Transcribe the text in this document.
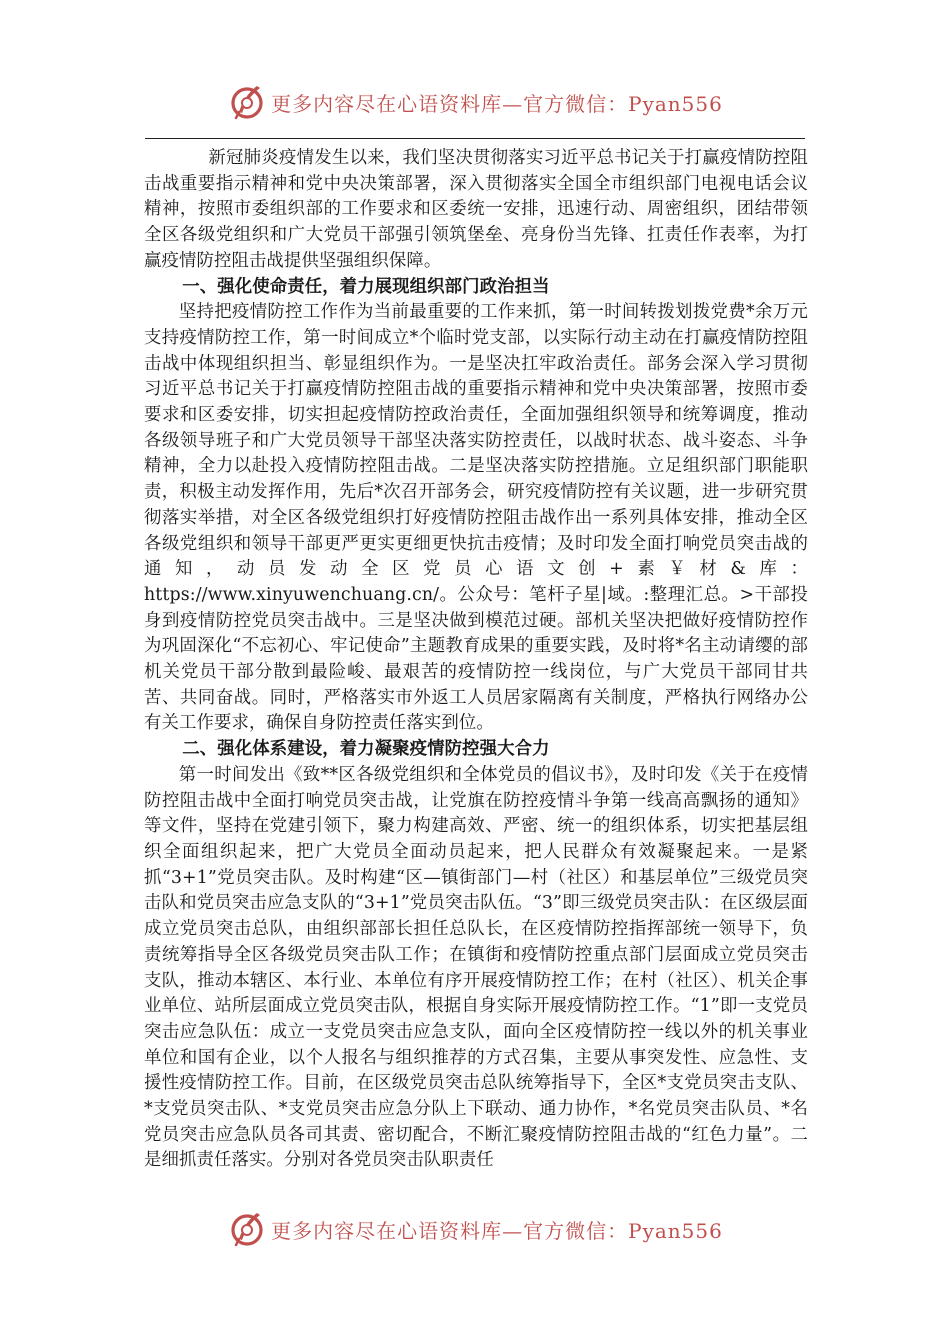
更多内容尽在心语资料库—官方微信：Pyan556

新冠肺炎疫情发生以来，我们坚决贯彻落实习近平总书记关于打赢疫情防控阻击战重要指示精神和党中央决策部署，深入贯彻落实全国全市组织部门电视电话会议精神，按照市委组织部的工作要求和区委统一安排，迅速行动、周密组织，团结带领全区各级党组织和广大党员干部强引领筑堡垒、亮身份当先锋、扛责任作表率，为打赢疫情防控阻击战提供坚强组织保障。

一、强化使命责任，着力展现组织部门政治担当

坚持把疫情防控工作作为当前最重要的工作来抓，第一时间转拨划拨党费*余万元支持疫情防控工作，第一时间成立*个临时党支部，以实际行动主动在打赢疫情防控阻击战中体现组织担当、彰显组织作为。一是坚决扛牢政治责任。部务会深入学习贯彻习近平总书记关于打赢疫情防控阻击战的重要指示精神和党中央决策部署，按照市委要求和区委安排，切实担起疫情防控政治责任，全面加强组织领导和统筹调度，推动各级领导班子和广大党员领导干部坚决落实防控责任，以战时状态、战斗姿态、斗争精神，全力以赴投入疫情防控阻击战。二是坚决落实防控措施。立足组织部门职能职责，积极主动发挥作用，先后*次召开部务会，研究疫情防控有关议题，进一步研究贯彻落实举措，对全区各级党组织打好疫情防控阻击战作出一系列具体安排，推动全区各级党组织和领导干部更严更实更细更快抗击疫情；及时印发全面打响党员突击战的通知，动员发动全区党员心语文创+素￥材&库：https://www.xinyuwenchuang.cn/。公众号：笔杆子星|域。:整理汇总。>干部投身到疫情防控党员突击战中。三是坚决做到模范过硬。部机关坚决把做好疫情防控作为巩固深化“不忘初心、牢记使命”主题教育成果的重要实践，及时将*名主动请缨的部机关党员干部分散到最险峻、最艰苦的疫情防控一线岗位，与广大党员干部同甘共苦、共同奋战。同时，严格落实市外返工人员居家隔离有关制度，严格执行网络办公有关工作要求，确保自身防控责任落实到位。

二、强化体系建设，着力凝聚疫情防控强大合力

第一时间发出《致**区各级党组织和全体党员的倡议书》，及时印发《关于在疫情防控阻击战中全面打响党员突击战，让党旗在防控疫情斗争第一线高高飘扬的通知》等文件，坚持在党建引领下，聚力构建高效、严密、统一的组织体系，切实把基层组织全面组织起来，把广大党员全面动员起来，把人民群众有效凝聚起来。一是紧抓“3+1”党员突击队。及时构建“区—镇街部门—村（社区）和基层单位”三级党员突击队和党员突击应急支队的“3+1”党员突击队伍。“3”即三级党员突击队：在区级层面成立党员突击总队，由组织部部长担任总队长，在区疫情防控指挥部统一领导下，负责统筹指导全区各级党员突击队工作；在镇街和疫情防控重点部门层面成立党员突击支队，推动本辖区、本行业、本单位有序开展疫情防控工作；在村（社区）、机关企事业单位、站所层面成立党员突击队，根据自身实际开展疫情防控工作。“1”即一支党员突击应急队伍：成立一支党员突击应急支队，面向全区疫情防控一线以外的机关事业单位和国有企业，以个人报名与组织推荐的方式召集，主要从事突发性、应急性、支援性疫情防控工作。目前，在区级党员突击总队统筹指导下，全区*支党员突击支队、*支党员突击队、*支党员突击应急分队上下联动、通力协作，*名党员突击队员、*名党员突击应急队员各司其责、密切配合，不断汇聚疫情防控阻击战的“红色力量”。二是细抓责任落实。分别对各党员突击队职责任

更多内容尽在心语资料库—官方微信：Pyan556
